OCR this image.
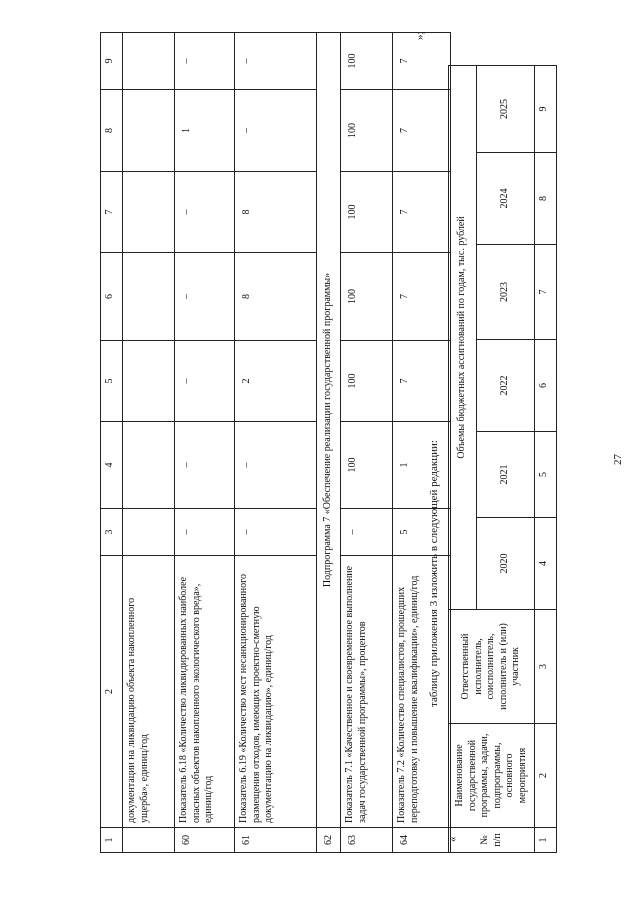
27
»;
1	2	3	4	5	6	7	8	9
	документации на ликвидацию объекта накопленного ущерба», единиц/год							
60	Показатель 6.18 «Количество ликвидированных наиболее опасных объектов накопленного экологического вреда», единиц/год	–	–	–	–	–	1	–
61	Показатель 6.19 «Количество мест несанкционированного размещения отходов, имеющих проектно-сметную документацию на ликвидацию», единиц/год	–	–	2	8	8	–	–
62	Подпрограмма 7 «Обеспечение реализации государственной программы»							
63	Показатель 7.1 «Качественное и своевременное выполнение задач государственной программы», процентов	–	100	100	100	100	100	100
64	Показатель 7.2 «Количество специалистов, прошедших переподготовку и повышение квалификации», единиц/год	5	1	7	7	7	7	7
таблицу приложения 3 изложить в следующей редакции:
« № п/п	Наименование государственной программы, задачи, подпрограммы, основного мероприятия	Ответственный исполнитель, соисполнитель, исполнитель и (или) участник	Объемы бюджетных ассигнований по годам, тыс. рублей					
			2020	2021	2022	2023	2024	2025
1	2	3	4	5	6	7	8	9
